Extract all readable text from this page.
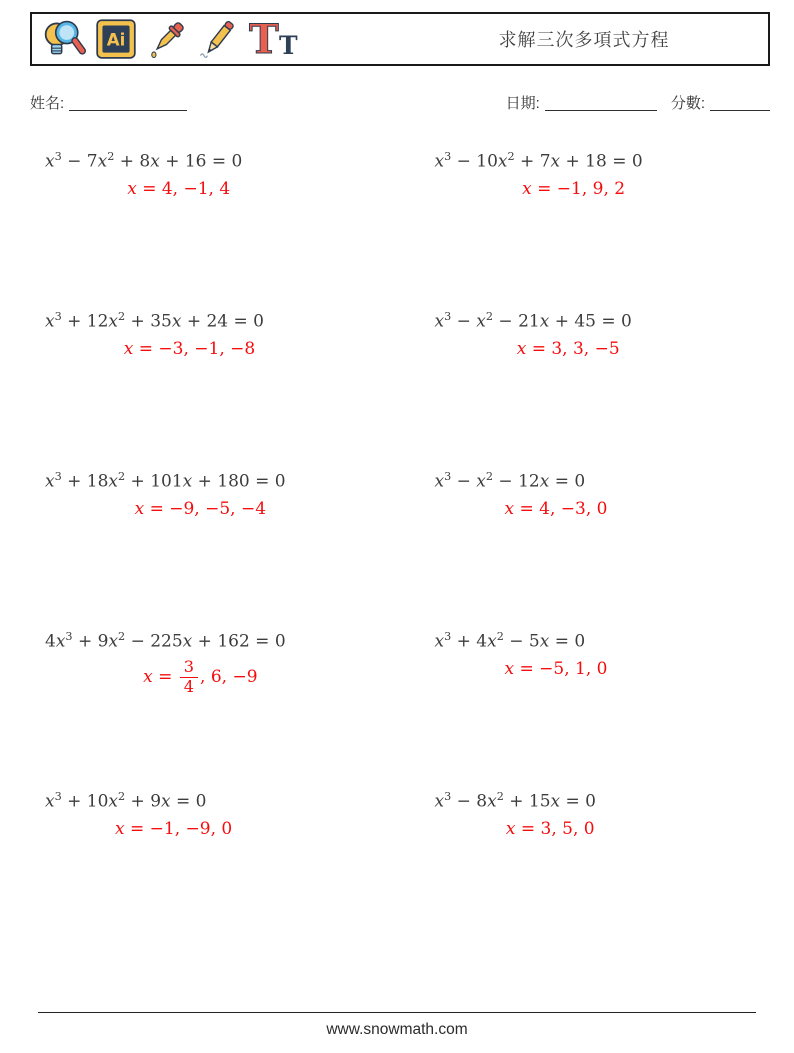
Ai	T T	求解三次多項式方程
姓名:	日期:	分數:
$x^3 - 7x^2 + 8x + 16 = 0$
x = 4, −1, 4
$x^3 - 10x^2 + 7x + 18 = 0$
x = −1, 9, 2
$x^3 + 12x^2 + 35x + 24 = 0$
x = −3, −1, −8
$x^3 - x^2 - 21x + 45 = 0$
x = 3, 3, −5
$x^3 + 18x^2 + 101x + 180 = 0$
x = −9, −5, −4
$x^3 - x^2 - 12x = 0$
x = 4, −3, 0
$4x^3 + 9x^2 - 225x + 162 = 0$
$x = \frac{3}{4}$ , 6, −9
$x^3 + 4x^2 - 5x = 0$
x = −5, 1, 0
$x^3 + 10x^2 + 9x = 0$
x = −1, −9, 0
$x^3 - 8x^2 + 15x = 0$
x = 3, 5, 0
www.snowmath.com
